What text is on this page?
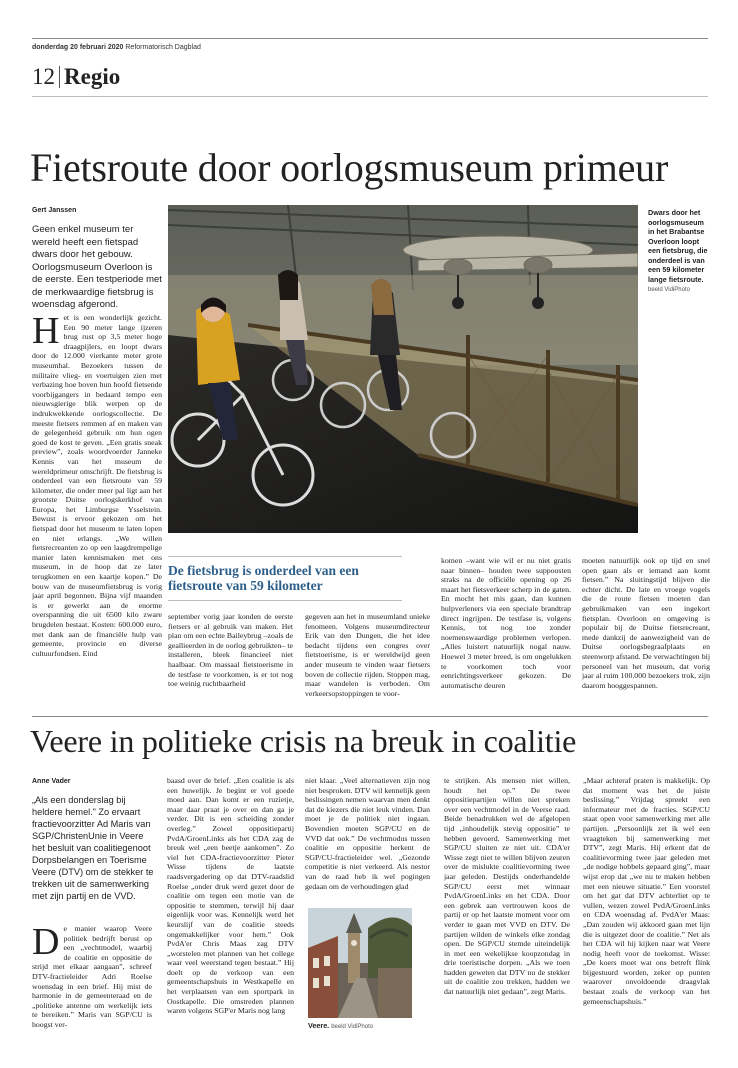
donderdag 20 februari 2020 Reformatorisch Dagblad
12 Regio
Fietsroute door oorlogsmuseum primeur
Gert Janssen
Geen enkel museum ter wereld heeft een fietspad dwars door het gebouw. Oorlogsmuseum Overloon is de eerste. Een testperiode met de merkwaardige fietsbrug is woensdag afgerond.
Het is een wonderlijk gezicht. Een 90 meter lange ijzeren brug rust op 3,5 meter hoge draagpijlers, en loopt dwars door de 12.000 vierkante meter grote museumhal. Bezoekers tussen de militaire vlieg- en voertuigen zien met verbazing hoe boven hun hoofd fietsende voorbijgangers in bedaard tempo een nieuwsgierige blik werpen op de indrukwekkende oorlogscollectie. De meeste fietsers remmen af en maken van de gelegenheid gebruik om hun ogen goed de kost te geven. „Een gratis sneak preview”, zoals woordvoerder Janneke Kennis van het museum de wereldprimeur omschrijft. De fietsbrug is onderdeel van een fietsroute van 59 kilometer, die onder meer pal ligt aan het grootste Duitse oorlogskerkhof van Europa, het Limburgse Ysselstein. Bewust is ervoor gekozen om het fietspad door het museum te laten lopen en niet erlangs. „We willen fietsrecreanten zo op een laagdrempelige manier laten kennismaken met ons museum, in de hoop dat ze later terugkomen en een kaartje kopen.” De bouw van de museumfietsbrug is vorig jaar april begonnen. Bijna vijf maanden is er gewerkt aan de enorme overspanning die uit 6500 kilo zware brugdelen bestaat. Kosten: 600.000 euro, met dank aan de financiële hulp van gemeente, provincie en diverse cultuurfondsen. Eind
Dwars door het oorlogsmuseum in het Brabantse Overloon loopt een fietsbrug, die onderdeel is van een 59 kilometer lange fietsroute. beeld VidiPhoto
De fietsbrug is onderdeel van een fietsroute van 59 kilometer
september vorig jaar konden de eerste fietsers er al gebruik van maken. Het plan om een echte Baileybrug –zoals de geallieerden in de oorlog gebruikten– te installeren, bleek financieel niet haalbaar. Om massaal fietstoerisme in de testfase te voorkomen, is er tot nog toe weinig ruchtbaarheid
gegeven aan het in museumland unieke fenomeen. Volgens museumdirecteur Erik van den Dungen, die het idee bedacht tijdens een congres over fietstoerisme, is er wereldwijd geen ander museum te vinden waar fietsers boven de collectie rijden. Stoppen mag, maar wandelen is verboden. Om verkeersopstoppingen te voor-
komen –want wie wil er nu niet gratis naar binnen– houden twee suppoosten straks na de officiële opening op 26 maart het fietsverkeer scherp in de gaten. En mocht het mis gaan, dan kunnen hulpverleners via een speciale brandtrap direct ingrijpen. De testfase is, volgens Kennis, tot nog toe zonder noemenswaardige problemen verlopen. „Alles luistert natuurlijk nogal nauw. Hoewel 3 meter breed, is om ongelukken te voorkomen toch voor eenrichtingsverkeer gekozen. De automatische deuren
moeten natuurlijk ook op tijd en snel open gaan als er iemand aan komt fietsen.” Na sluitingstijd blijven die echter dicht. De late en vroege vogels die de route fietsen moeten dan gebruikmaken van een ingekort fietsplan. Overloon en omgeving is populair bij de Duitse fietsrecreant, mede dankzij de aanwezigheid van de Duitse oorlogsbegraafplaats en steenworp afstand. De verwachtingen bij personeel van het museum, dat vorig jaar al ruim 100.000 bezoekers trok, zijn daarom hooggespannen.
Veere in politieke crisis na breuk in coalitie
Anne Vader
„Als een donderslag bij heldere hemel.” Zo ervaart fractievoorzitter Ad Maris van SGP/ChristenUnie in Veere het besluit van coalitiegenoot Dorpsbelangen en Toerisme Veere (DTV) om de stekker te trekken uit de samenwerking met zijn partij en de VVD.
De manier waarop Veere politiek bedrijft berust op een „vechtmodel, waarbij de coalitie en oppositie de strijd met elkaar aangaan”, schreef DTV-fractieleider Adri Roelse woensdag in een brief. Hij mist de harmonie in de gemeenteraad en de „politieke antenne om werkelijk iets te bereiken.” Maris van SGP/CU is hoogst ver-
baasd over de brief. „Een coalitie is als een huwelijk. Je begint er vol goede moed aan. Dan komt er een ruzietje, maar daar praat je over en dan ga je verder. Dit is een scheiding zonder overleg.” Zowel oppositiepartij PvdA/GroenLinks als het CDA zag de breuk wel „een beetje aankomen”. Zo viel het CDA-fractievoorzitter Pieter Wisse tijdens de laatste raadsvergadering op dat DTV-raadslid Roelse „onder druk werd gezet door de coalitie om tegen een motie van de oppositie te stemmen, terwijl hij daar eigenlijk voor was. Kennelijk werd het keurslijf van de coalitie steeds ongemakkelijker voor hem.” Ook PvdA'er Chris Maas zag DTV „worstelen met plannen van het college waar veel weerstand tegen bestaat.” Hij doelt op de verkoop van een gemeentschapshuis in Westkapelle en het verplaatsen van een sportpark in Oostkapelle. Die omstreden plannen waren volgens SGP'er Maris nog lang
niet klaar. „Veel alternatieven zijn nog niet besproken. DTV wil kennelijk geen beslissingen nemen waarvan men denkt dat de kiezers die niet leuk vinden. Dan moet je de politiek niet ingaan. Bovendien moeten SGP/CU en de VVD dat ook.” De vechtmodus tussen coalitie en oppositie herkent de SGP/CU-fractieleider wel. „Gezonde competitie is niet verkeerd. Als nestor van de raad heb ik wel pogingen gedaan om de verhoudingen glad
Veere. beeld VidiPhoto
te strijken. Als mensen niet willen, houdt het op.” De twee oppositiepartijen willen niet spreken over een vechtmodel in de Veerse raad. Beide benadrukken wel de afgelopen tijd „inhoudelijk stevig oppositie” te hebben gevoerd. Samenwerking met SGP/CU sluiten ze niet uit. CDA'er Wisse zegt niet te willen blijven zeuren over de mislukte coalitievorming twee jaar geleden. Destijds onderhandelde SGP/CU eerst met winnaar PvdA/GroenLinks en het CDA. Door een gebrek aan vertrouwen koos de partij er op het laatste moment voor om verder te gaan met VVD en DTV. De partijen wilden de winkels elke zondag open. De SGP/CU stemde uiteindelijk in met een wekelijkse koopzondag in drie toeristische dorpen. „Als we toen hadden geweten dat DTV nu de stekker uit de coalitie zou trekken, hadden we dat natuurlijk niet gedaan”, zegt Maris.
„Maar achteraf praten is makkelijk. Op dat moment was het de juiste beslissing.” Vrijdag spreekt een informateur met de fracties. SGP/CU staat open voor samenwerking met alle partijen. „Persoonlijk zet ik wel een vraagteken bij samenwerking met DTV”, zegt Maris. Hij erkent dat de coalitievorming twee jaar geleden met „de nodige hobbels gepaard ging”, maar wijst erop dat „we nu te maken hebben met een nieuwe situatie.” Een voorstel om het gat dat DTV achterliet op te vullen, wezen zowel PvdA/GroenLinks en CDA woensdag af. PvdA'er Maas: „Dan zouden wij akkoord gaan met lijn die is uitgezet door de coalitie.” Net als het CDA wil hij kijken naar wat Veere nodig heeft voor de toekomst. Wisse: „De koers moet wat ons betreft flink bijgestuurd worden, zeker op punten waarover onvoldoende draagvlak bestaat zoals de verkoop van het gemeenschapshuis.”
